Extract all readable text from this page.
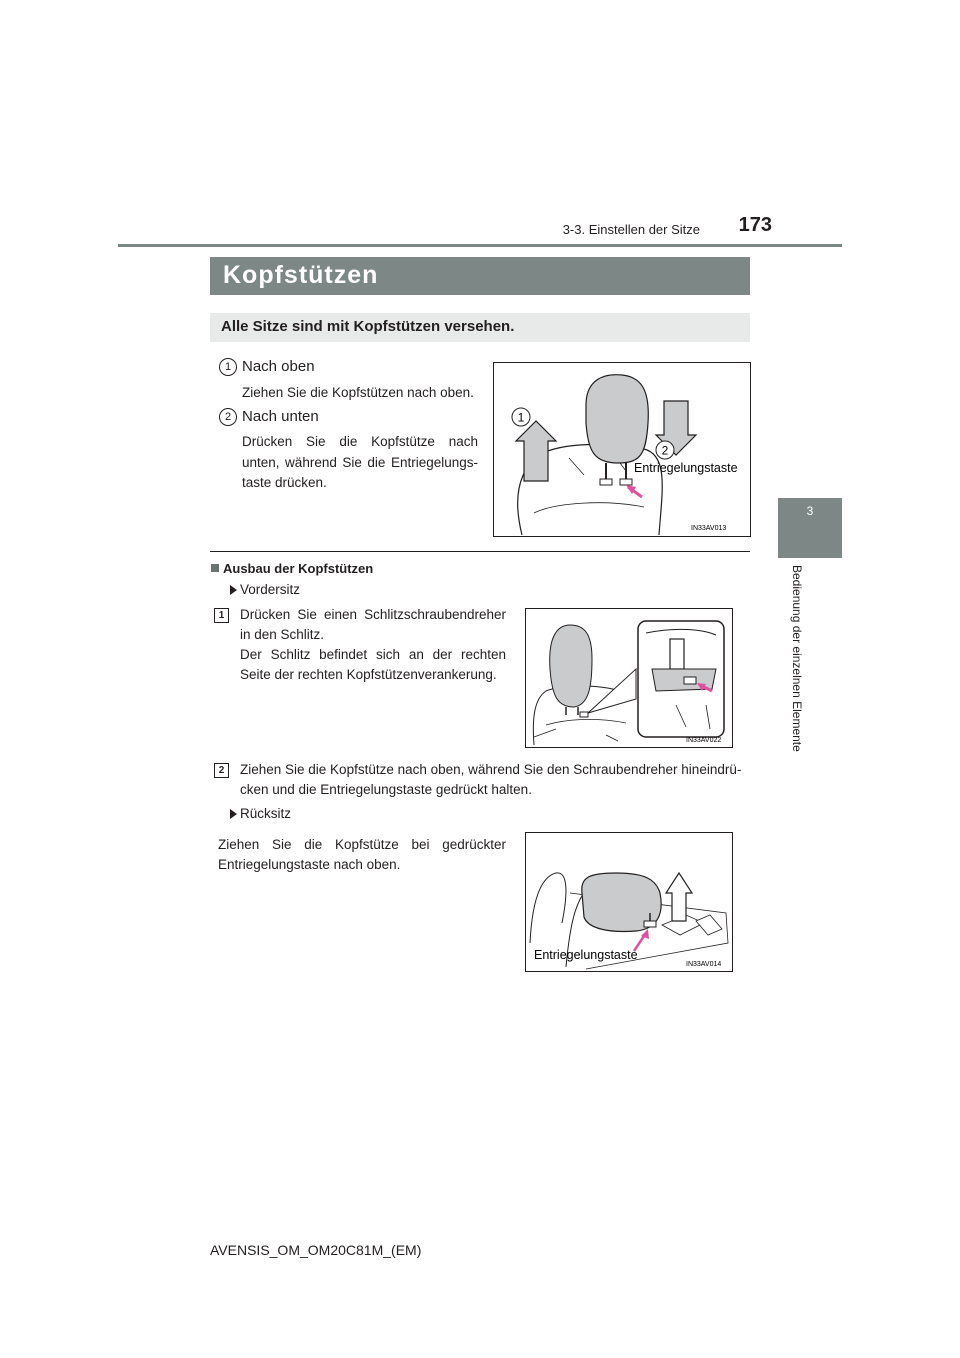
3-3. Einstellen der Sitze	173
3
Bedienung der einzelnen Elemente
Kopfstützen
Alle Sitze sind mit Kopfstützen versehen.
1 Nach oben
Ziehen Sie die Kopfstützen nach oben.
2 Nach unten
Drücken Sie die Kopfstütze nach unten, während Sie die Entriegelungs-taste drücken.
1
2
Entriegelungstaste
IN33AV013
Ausbau der Kopfstützen
Vordersitz
1	Drücken Sie einen Schlitzschraubendreher in den Schlitz.
Der Schlitz befindet sich an der rechten Seite der rechten Kopfstützenverankerung.
IN33AV022
2	Ziehen Sie die Kopfstütze nach oben, während Sie den Schraubendreher hineindrü-cken und die Entriegelungstaste gedrückt halten.
Rücksitz
Ziehen Sie die Kopfstütze bei gedrückter Entriegelungstaste nach oben.
Entriegelungstaste
IN33AV014
AVENSIS_OM_OM20C81M_(EM)
